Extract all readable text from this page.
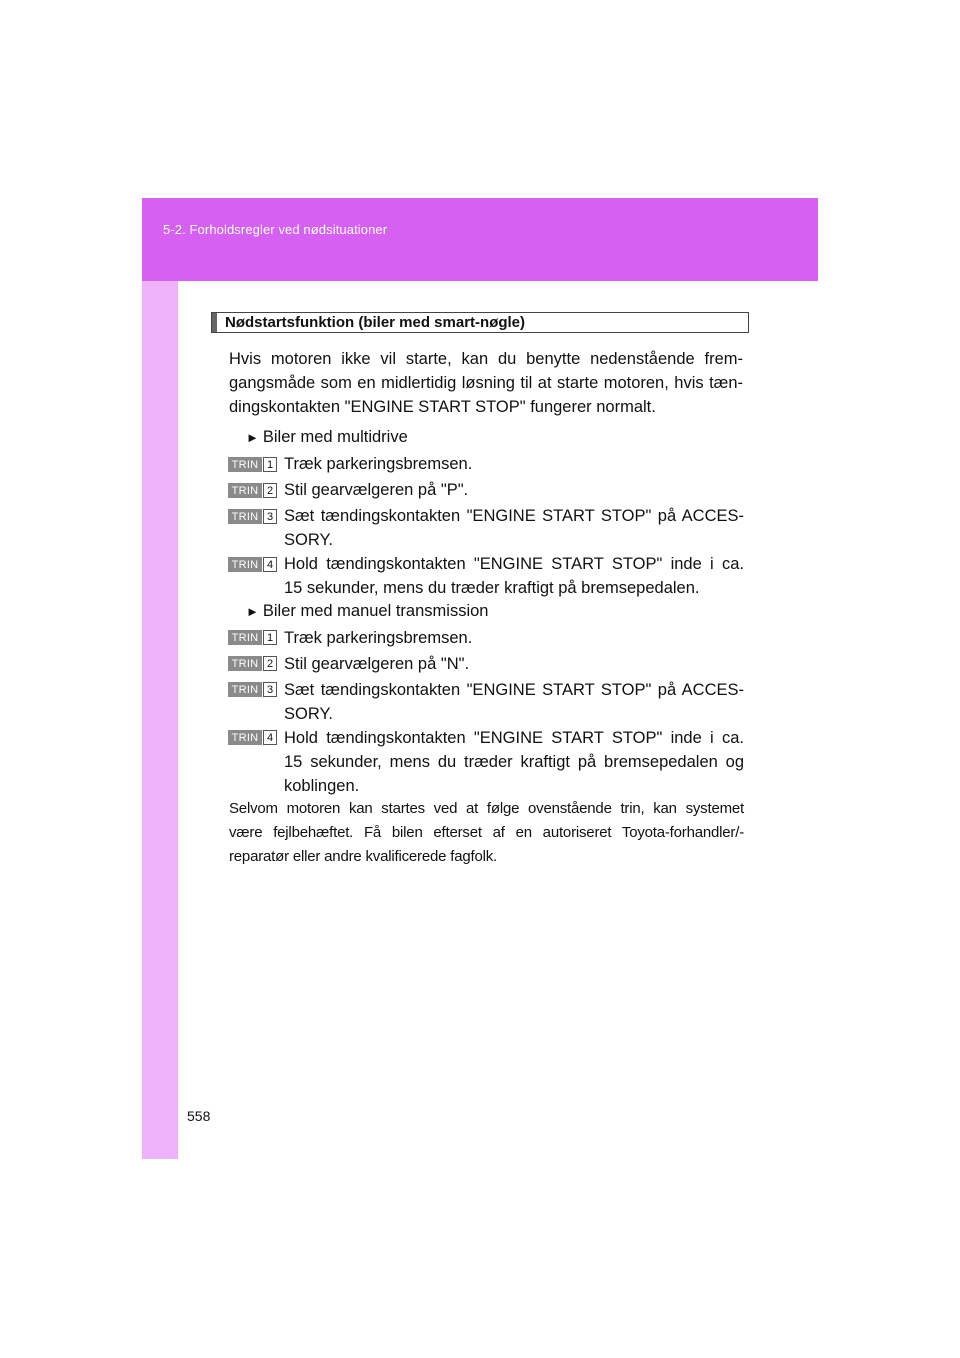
5-2. Forholdsregler ved nødsituationer
558
Nødstartsfunktion (biler med smart-nøgle)
Hvis motoren ikke vil starte, kan du benytte nedenstående frem-
gangsmåde som en midlertidig løsning til at starte motoren, hvis tæn-
dingskontakten "ENGINE START STOP" fungerer normalt.
► Biler med multidrive
TRIN 1 Træk parkeringsbremsen.
TRIN 2 Stil gearvælgeren på "P".
TRIN 3 Sæt tændingskontakten "ENGINE START STOP" på ACCES-
SORY.
TRIN 4 Hold tændingskontakten "ENGINE START STOP" inde i ca.
15 sekunder, mens du træder kraftigt på bremsepedalen.
► Biler med manuel transmission
TRIN 1 Træk parkeringsbremsen.
TRIN 2 Stil gearvælgeren på "N".
TRIN 3 Sæt tændingskontakten "ENGINE START STOP" på ACCES-
SORY.
TRIN 4 Hold tændingskontakten "ENGINE START STOP" inde i ca.
15 sekunder, mens du træder kraftigt på bremsepedalen og
koblingen.
Selvom motoren kan startes ved at følge ovenstående trin, kan systemet
være fejlbehæftet. Få bilen efterset af en autoriseret Toyota-forhandler/-
reparatør eller andre kvalificerede fagfolk.
